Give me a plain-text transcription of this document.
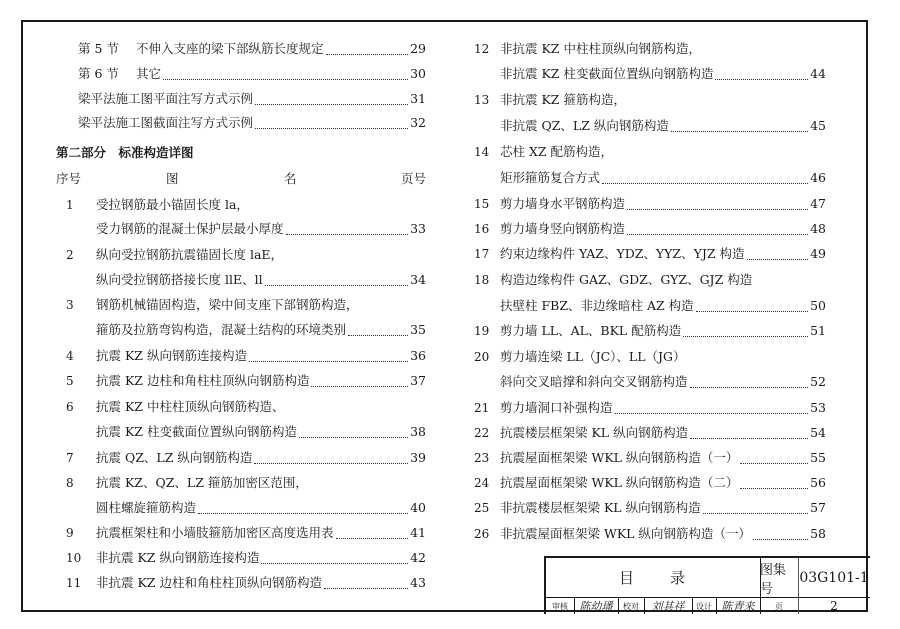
第 5 节	不伸入支座的梁下部纵筋长度规定	29
第 6 节	其它	30
梁平法施工图平面注写方式示例	31
梁平法施工图截面注写方式示例	32
第二部分　标准构造详图
序号	图	名	页号
1	受拉钢筋最小锚固长度 la，
受力钢筋的混凝土保护层最小厚度	33
2	纵向受拉钢筋抗震锚固长度 laE，
纵向受拉钢筋搭接长度 llE、ll	34
3	钢筋机械锚固构造，梁中间支座下部钢筋构造，
箍筋及拉筋弯钩构造，混凝土结构的环境类别	35
4	抗震 KZ 纵向钢筋连接构造	36
5	抗震 KZ 边柱和角柱柱顶纵向钢筋构造	37
6	抗震 KZ 中柱柱顶纵向钢筋构造、
抗震 KZ 柱变截面位置纵向钢筋构造	38
7	抗震 QZ、LZ 纵向钢筋构造	39
8	抗震 KZ、QZ、LZ 箍筋加密区范围，
圆柱螺旋箍筋构造	40
9	抗震框架柱和小墙肢箍筋加密区高度选用表	41
10	非抗震 KZ 纵向钢筋连接构造	42
11	非抗震 KZ 边柱和角柱柱顶纵向钢筋构造	43
12 非抗震 KZ 中柱柱顶纵向钢筋构造，
非抗震 KZ 柱变截面位置纵向钢筋构造	44
13 非抗震 KZ 箍筋构造，
非抗震 QZ、LZ 纵向钢筋构造	45
14 芯柱 XZ 配筋构造，
矩形箍筋复合方式	46
15 剪力墙身水平钢筋构造	47
16 剪力墙身竖向钢筋构造	48
17 约束边缘构件 YAZ、YDZ、YYZ、YJZ 构造	49
18 构造边缘构件 GAZ、GDZ、GYZ、GJZ 构造
扶壁柱 FBZ、非边缘暗柱 AZ 构造	50
19 剪力墙 LL、AL、BKL 配筋构造	51
20 剪力墙连梁 LL（JC）、LL（JG）
斜向交叉暗撑和斜向交叉钢筋构造	52
21 剪力墙洞口补强构造	53
22 抗震楼层框架梁 KL 纵向钢筋构造	54
23 抗震屋面框架梁 WKL 纵向钢筋构造（一）	55
24 抗震屋面框架梁 WKL 纵向钢筋构造（二）	56
25 非抗震楼层框架梁 KL 纵向钢筋构造	57
26 非抗震屋面框架梁 WKL 纵向钢筋构造（一）	58
目　　录	图集号
03G101-1
审核	陈幼璠	校对	刘其祥	设计 陈青来	页	2
